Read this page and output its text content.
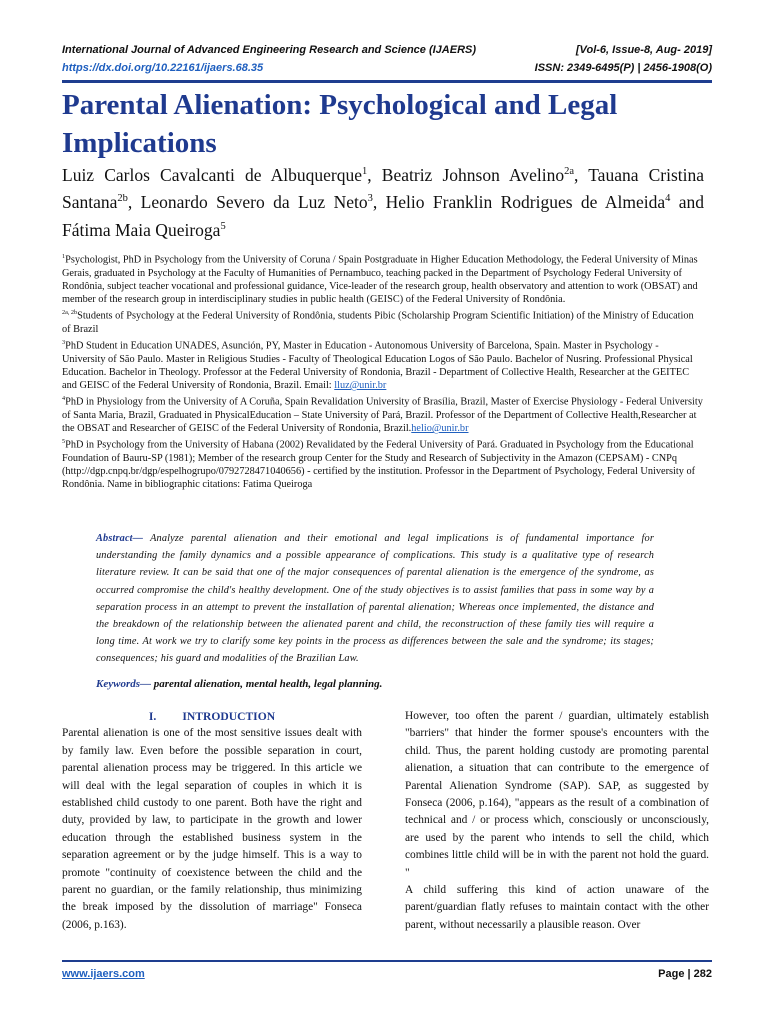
International Journal of Advanced Engineering Research and Science (IJAERS)	[Vol-6, Issue-8, Aug- 2019]
https://dx.doi.org/10.22161/ijaers.68.35	ISSN: 2349-6495(P) | 2456-1908(O)
Parental Alienation: Psychological and Legal Implications

Luiz Carlos Cavalcanti de Albuquerque$^1$, Beatriz Johnson Avelino$^{2a}$, Tauana Cristina Santana$^{2b}$, Leonardo Severo da Luz Neto$^3$, Helio Franklin Rodrigues de Almeida$^4$ and Fátima Maia Queiroga$^5$

$^1$Psychologist, PhD in Psychology from the University of Coruna / Spain Postgraduate in Higher Education Methodology, the Federal University of Minas Gerais, graduated in Psychology at the Faculty of Humanities of Pernambuco, teaching packed in the Department of Psychology Federal University of Rondônia, subject teacher vocational and professional guidance, Vice-leader of the research group, health observatory and attention to work (OBSAT) and member of the research group in interdisciplinary studies in public health (GEISC) of the Federal University of Rondônia.

$^{2a, 2b}$Students of Psychology at the Federal University of Rondônia, students Pibic (Scholarship Program Scientific Initiation) of the Ministry of Education of Brazil

$^3$PhD Student in Education UNADES, Asunción, PY, Master in Education - Autonomous University of Barcelona, Spain. Master in Psychology - University of São Paulo. Master in Religious Studies - Faculty of Theological Education Logos of São Paulo. Bachelor of Nusring. Professional Physical Education. Bachelor in Theology. Professor at the Federal University of Rondonia, Brazil - Department of Collective Health, Researcher at the GEITEC and GEISC of the Federal University of Rondonia, Brazil. Email: lluz@unir.br

$^4$PhD in Physiology from the University of A Coruña, Spain Revalidation University of Brasília, Brazil, Master of Exercise Physiology - Federal University of Santa Maria, Brazil, Graduated in PhysicalEducation – State University of Pará, Brazil. Professor of the Department of Collective Health,Researcher at the OBSAT and Researcher of GEISC of the Federal University of Rondonia, Brazil.helio@unir.br

$^5$PhD in Psychology from the University of Habana (2002) Revalidated by the Federal University of Pará. Graduated in Psychology from the Educational Foundation of Bauru-SP (1981); Member of the research group Center for the Study and Research of Subjectivity in the Amazon (CEPSAM) - CNPq (http://dgp.cnpq.br/dgp/espelhogrupo/0792728471040656) - certified by the institution. Professor in the Department of Psychology, Federal University of Rondônia. Name in bibliographic citations: Fatima Queiroga

Abstract— Analyze parental alienation and their emotional and legal implications is of fundamental importance for understanding the family dynamics and a possible appearance of complications. This study is a qualitative type of research literature review. It can be said that one of the major consequences of parental alienation is the emergence of the syndrome, as occurred compromise the child's healthy development. One of the study objectives is to assist families that pass in some way by a separation process in an attempt to prevent the installation of parental alienation; Whereas once implemented, the distance and the breakdown of the relationship between the alienated parent and child, the reconstruction of these family ties will require a long time. At work we try to clarify some key points in the process as differences between the sale and the syndrome; its stages; consequences; his guard and modalities of the Brazilian Law.

Keywords— parental alienation, mental health, legal planning.

I. INTRODUCTION

Parental alienation is one of the most sensitive issues dealt with by family law. Even before the possible separation in court, parental alienation process may be triggered. In this article we will deal with the legal separation of couples in which it is established child custody to one parent. Both have the right and duty, provided by law, to participate in the growth and lower education through the established business system in the separation agreement or by the judge himself. This is a way to promote "continuity of coexistence between the child and the parent no guardian, or the family relationship, thus minimizing the break imposed by the dissolution of marriage" Fonseca (2006, p.163).

However, too often the parent / guardian, ultimately establish "barriers" that hinder the former spouse's encounters with the child. Thus, the parent holding custody are promoting parental alienation, a situation that can contribute to the emergence of Parental Alienation Syndrome (SAP). SAP, as suggested by Fonseca (2006, p.164), "appears as the result of a combination of technical and / or process which, consciously or unconsciously, are used by the parent who intends to sell the child, which combines little child will be in with the parent not hold the guard. "

A child suffering this kind of action unaware of the parent/guardian flatly refuses to maintain contact with the other parent, without necessarily a plausible reason. Over

www.ijaers.com	Page | 282
